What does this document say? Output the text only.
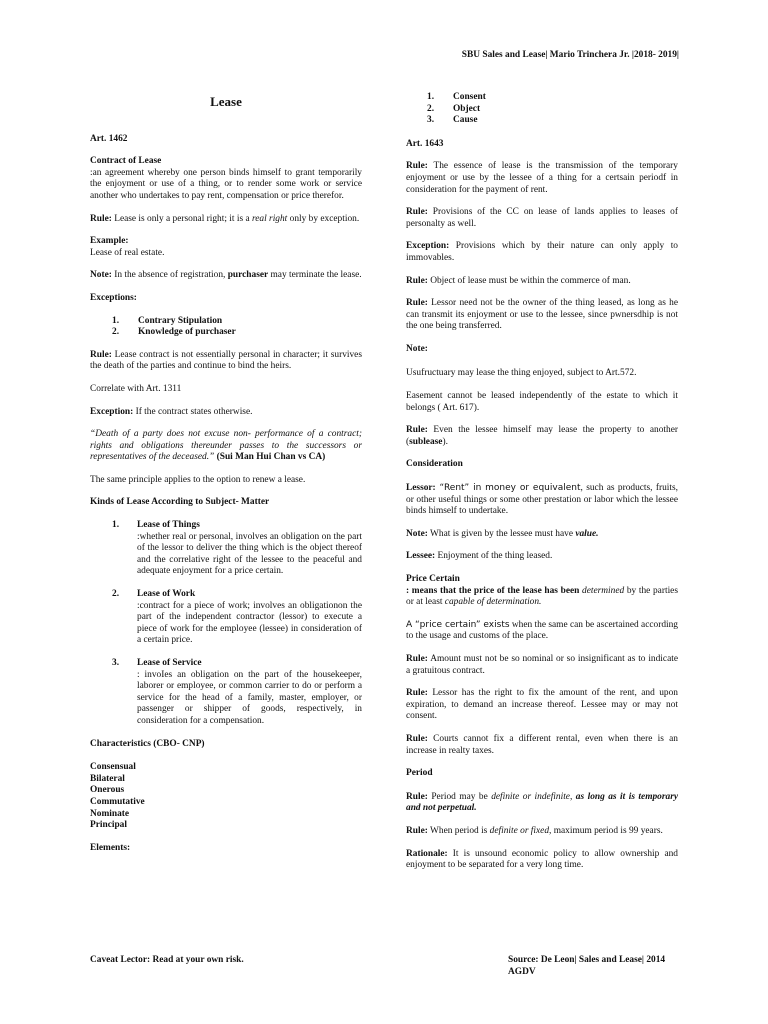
SBU Sales and Lease| Mario Trinchera Jr. |2018- 2019|
Lease
Art. 1462
Contract of Lease
:an agreement whereby one person binds himself to grant temporarily the enjoyment or use of a thing, or to render some work or service another who undertakes to pay rent, compensation or price therefor.
Rule: Lease is only a personal right; it is a real right only by exception.
Example:
Lease of real estate.
Note: In the absence of registration, purchaser may terminate the lease.
Exceptions:
1.	Contrary Stipulation
2.	Knowledge of purchaser
Rule: Lease contract is not essentially personal in character; it survives the death of the parties and continue to bind the heirs.
Correlate with Art. 1311
Exception: If the contract states otherwise.
“Death of a party does not excuse non- performance of a contract; rights and obligations thereunder passes to the successors or representatives of the deceased.” (Sui Man Hui Chan vs CA)
The same principle applies to the option to renew a lease.
Kinds of Lease According to Subject- Matter
1.	Lease of Things
:whether real or personal, involves an obligation on the part of the lessor to deliver the thing which is the object thereof and the correlative right of the lessee to the peaceful and adequate enjoyment for a price certain.
2.	Lease of Work
:contract for a piece of work; involves an obligationon the part of the independent contractor (lessor) to execute a piece of work for the employee (lessee) in consideration of a certain price.
3.	Lease of Service
: invoIes an obligation on the part of the housekeeper, laborer or employee, or common carrier to do or perform a service for the head of a family, master, employer, or passenger or shipper of goods, respectively, in consideration for a compensation.
Characteristics (CBO- CNP)
Consensual
Bilateral
Onerous
Commutative
Nominate
Principal
Elements:
1.	Consent
2.	Object
3.	Cause
Art. 1643
Rule: The essence of lease is the transmission of the temporary enjoyment or use by the lessee of a thing for a certsain periodf in consideration for the payment of rent.
Rule: Provisions of the CC on lease of lands applies to leases of personalty as well.
Exception: Provisions which by their nature can only apply to immovables.
Rule: Object of lease must be within the commerce of man.
Rule: Lessor need not be the owner of the thing leased, as long as he can transmit its enjoyment or use to the lessee, since pwnersdhip is not the one being transferred.
Note:
Usufructuary may lease the thing enjoyed, subject to Art.572.
Easement cannot be leased independently of the estate to which it belongs ( Art. 617).
Rule: Even the lessee himself may lease the property to another (sublease).
Consideration
Lessor: “Rent” in money or equivalent, such as products, fruits, or other useful things or some other prestation or labor which the lessee binds himself to undertake.
Note: What is given by the lessee must have value.
Lessee: Enjoyment of the thing leased.
Price Certain
: means that the price of the lease has been determined by the parties or at least capable of determination.
A “price certain” exists when the same can be ascertained according to the usage and customs of the place.
Rule: Amount must not be so nominal or so insignificant as to indicate a gratuitous contract.
Rule: Lessor has the right to fix the amount of the rent, and upon expiration, to demand an increase thereof. Lessee may or may not consent.
Rule: Courts cannot fix a different rental, even when there is an increase in realty taxes.
Period
Rule: Period may be definite or indefinite, as long as it is temporary and not perpetual.
Rule: When period is definite or fixed, maximum period is 99 years.
Rationale: It is unsound economic policy to allow ownership and enjoyment to be separated for a very long time.
Caveat Lector: Read at your own risk.	Source: De Leon| Sales and Lease| 2014
AGDV
